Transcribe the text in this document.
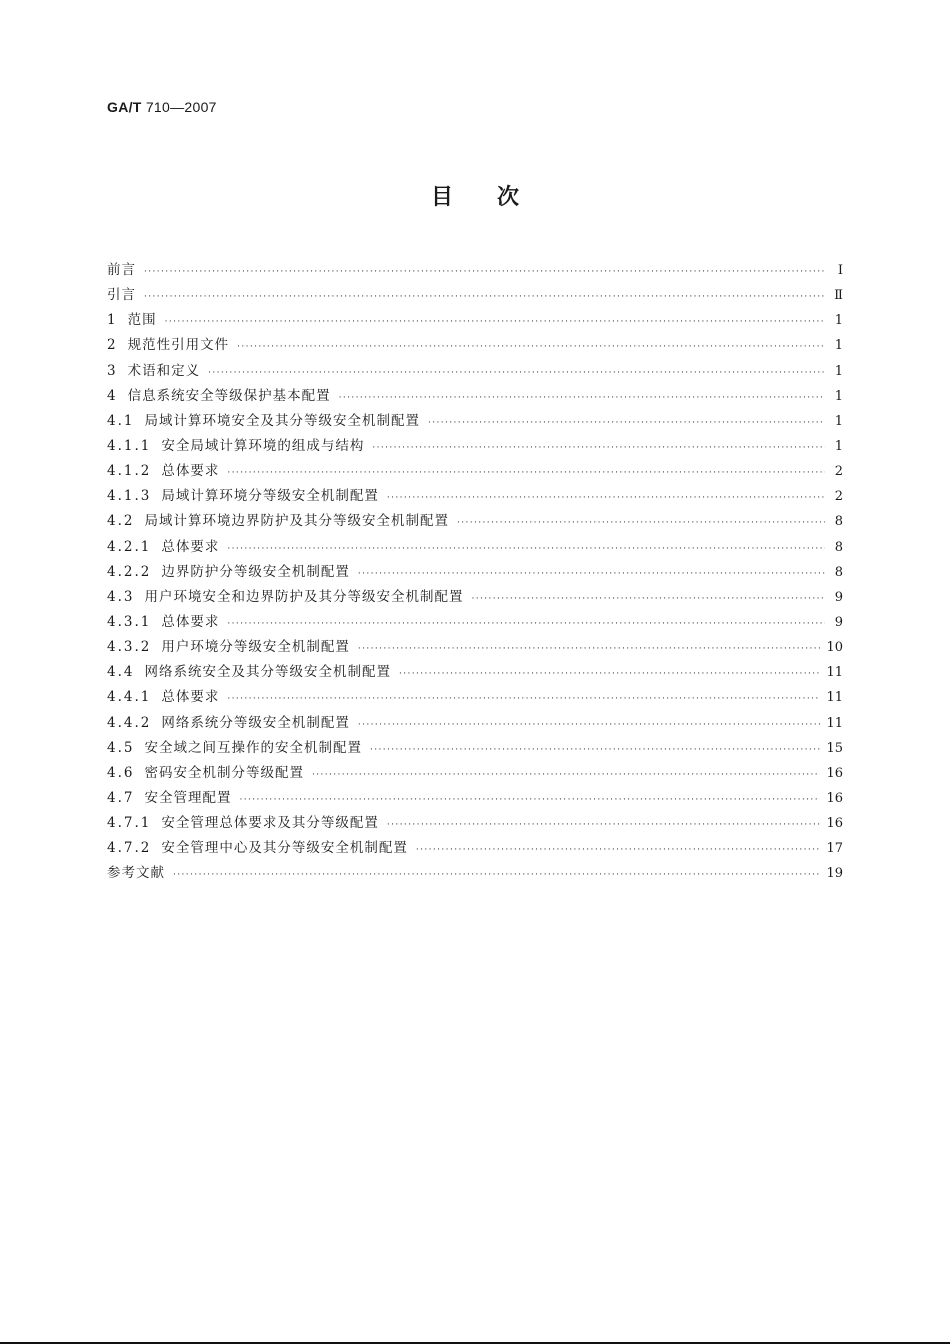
GA/T 710—2007
目次
前言 ·····	Ⅰ
引言 ·····	Ⅱ
1 范围 ·····	1
2 规范性引用文件 ·····	1
3 术语和定义 ·····	1
4 信息系统安全等级保护基本配置 ·····	1
4.1 局域计算环境安全及其分等级安全机制配置 ·····	1
4.1.1 安全局域计算环境的组成与结构 ·····	1
4.1.2 总体要求 ·····	2
4.1.3 局域计算环境分等级安全机制配置 ·····	2
4.2 局域计算环境边界防护及其分等级安全机制配置 ·····	8
4.2.1 总体要求 ·····	8
4.2.2 边界防护分等级安全机制配置 ·····	8
4.3 用户环境安全和边界防护及其分等级安全机制配置 ·····	9
4.3.1 总体要求 ·····	9
4.3.2 用户环境分等级安全机制配置 ·····	10
4.4 网络系统安全及其分等级安全机制配置 ·····	11
4.4.1 总体要求 ·····	11
4.4.2 网络系统分等级安全机制配置 ·····	11
4.5 安全域之间互操作的安全机制配置 ·····	15
4.6 密码安全机制分等级配置 ·····	16
4.7 安全管理配置 ·····	16
4.7.1 安全管理总体要求及其分等级配置 ·····	16
4.7.2 安全管理中心及其分等级安全机制配置 ·····	17
参考文献 ·····	19
